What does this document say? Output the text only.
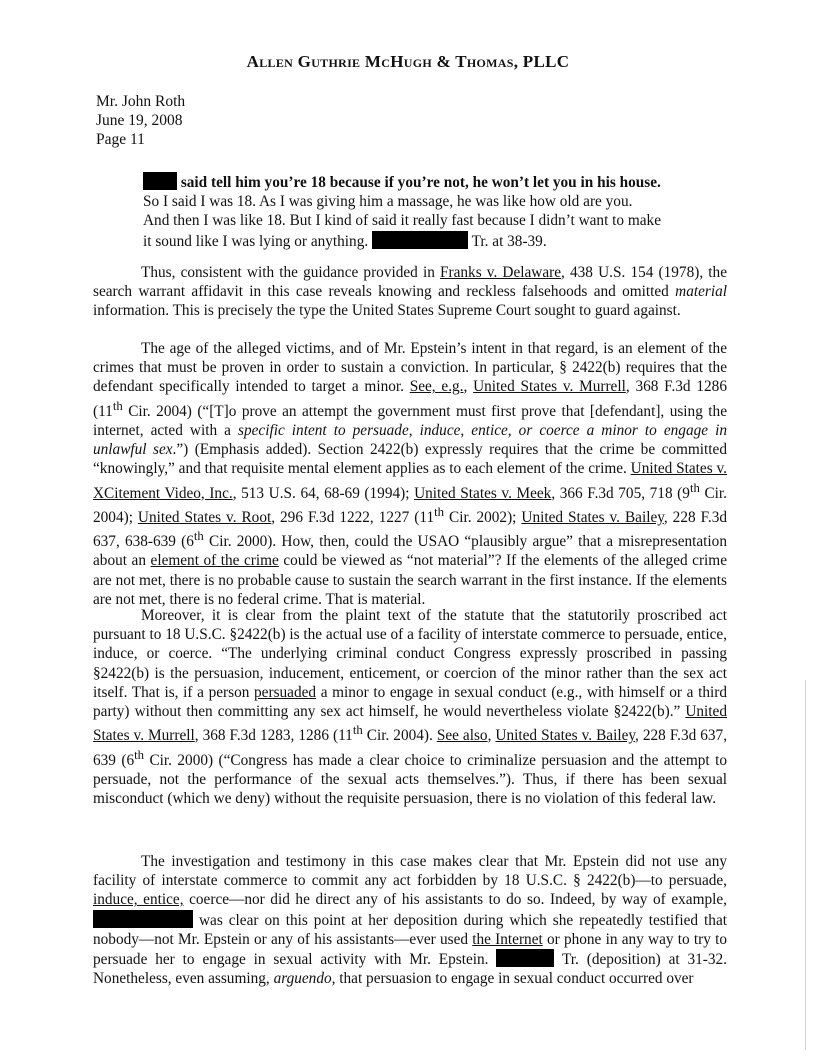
Allen Guthrie McHugh & Thomas, PLLC
Mr. John Roth
June 19, 2008
Page 11
said tell him you’re 18 because if you’re not, he won’t let you in his house.
So I said I was 18. As I was giving him a massage, he was like how old are you.
And then I was like 18. But I kind of said it really fast because I didn’t want to make
it sound like I was lying or anything.	Tr. at 38-39.

Thus, consistent with the guidance provided in Franks v. Delaware, 438 U.S. 154 (1978), the search warrant affidavit in this case reveals knowing and reckless falsehoods and omitted material information. This is precisely the type the United States Supreme Court sought to guard against.

The age of the alleged victims, and of Mr. Epstein’s intent in that regard, is an element of the crimes that must be proven in order to sustain a conviction. In particular, § 2422(b) requires that the defendant specifically intended to target a minor. See, e.g., United States v. Murrell, 368 F.3d 1286 (11th Cir. 2004) (“[T]o prove an attempt the government must first prove that [defendant], using the internet, acted with a specific intent to persuade, induce, entice, or coerce a minor to engage in unlawful sex.”) (Emphasis added). Section 2422(b) expressly requires that the crime be committed “knowingly,” and that requisite mental element applies as to each element of the crime. United States v. XCitement Video, Inc., 513 U.S. 64, 68-69 (1994); United States v. Meek, 366 F.3d 705, 718 (9th Cir. 2004); United States v. Root, 296 F.3d 1222, 1227 (11th Cir. 2002); United States v. Bailey, 228 F.3d 637, 638-639 (6th Cir. 2000). How, then, could the USAO “plausibly argue” that a misrepresentation about an element of the crime could be viewed as “not material”? If the elements of the alleged crime are not met, there is no probable cause to sustain the search warrant in the first instance. If the elements are not met, there is no federal crime. That is material.

Moreover, it is clear from the plaint text of the statute that the statutorily proscribed act pursuant to 18 U.S.C. §2422(b) is the actual use of a facility of interstate commerce to persuade, entice, induce, or coerce. “The underlying criminal conduct Congress expressly proscribed in passing §2422(b) is the persuasion, inducement, enticement, or coercion of the minor rather than the sex act itself. That is, if a person persuaded a minor to engage in sexual conduct (e.g., with himself or a third party) without then committing any sex act himself, he would nevertheless violate §2422(b).” United States v. Murrell, 368 F.3d 1283, 1286 (11th Cir. 2004). See also, United States v. Bailey, 228 F.3d 637, 639 (6th Cir. 2000) (“Congress has made a clear choice to criminalize persuasion and the attempt to persuade, not the performance of the sexual acts themselves.”). Thus, if there has been sexual misconduct (which we deny) without the requisite persuasion, there is no violation of this federal law.

The investigation and testimony in this case makes clear that Mr. Epstein did not use any facility of interstate commerce to commit any act forbidden by 18 U.S.C. § 2422(b)—to persuade, induce, entice, coerce—nor did he direct any of his assistants to do so. Indeed, by way of example,  was clear on this point at her deposition during which she repeatedly testified that nobody—not Mr. Epstein or any of his assistants—ever used the Internet or phone in any way to try to persuade her to engage in sexual activity with Mr. Epstein.	Tr. (deposition) at 31-32. Nonetheless, even assuming, arguendo, that persuasion to engage in sexual conduct occurred over
